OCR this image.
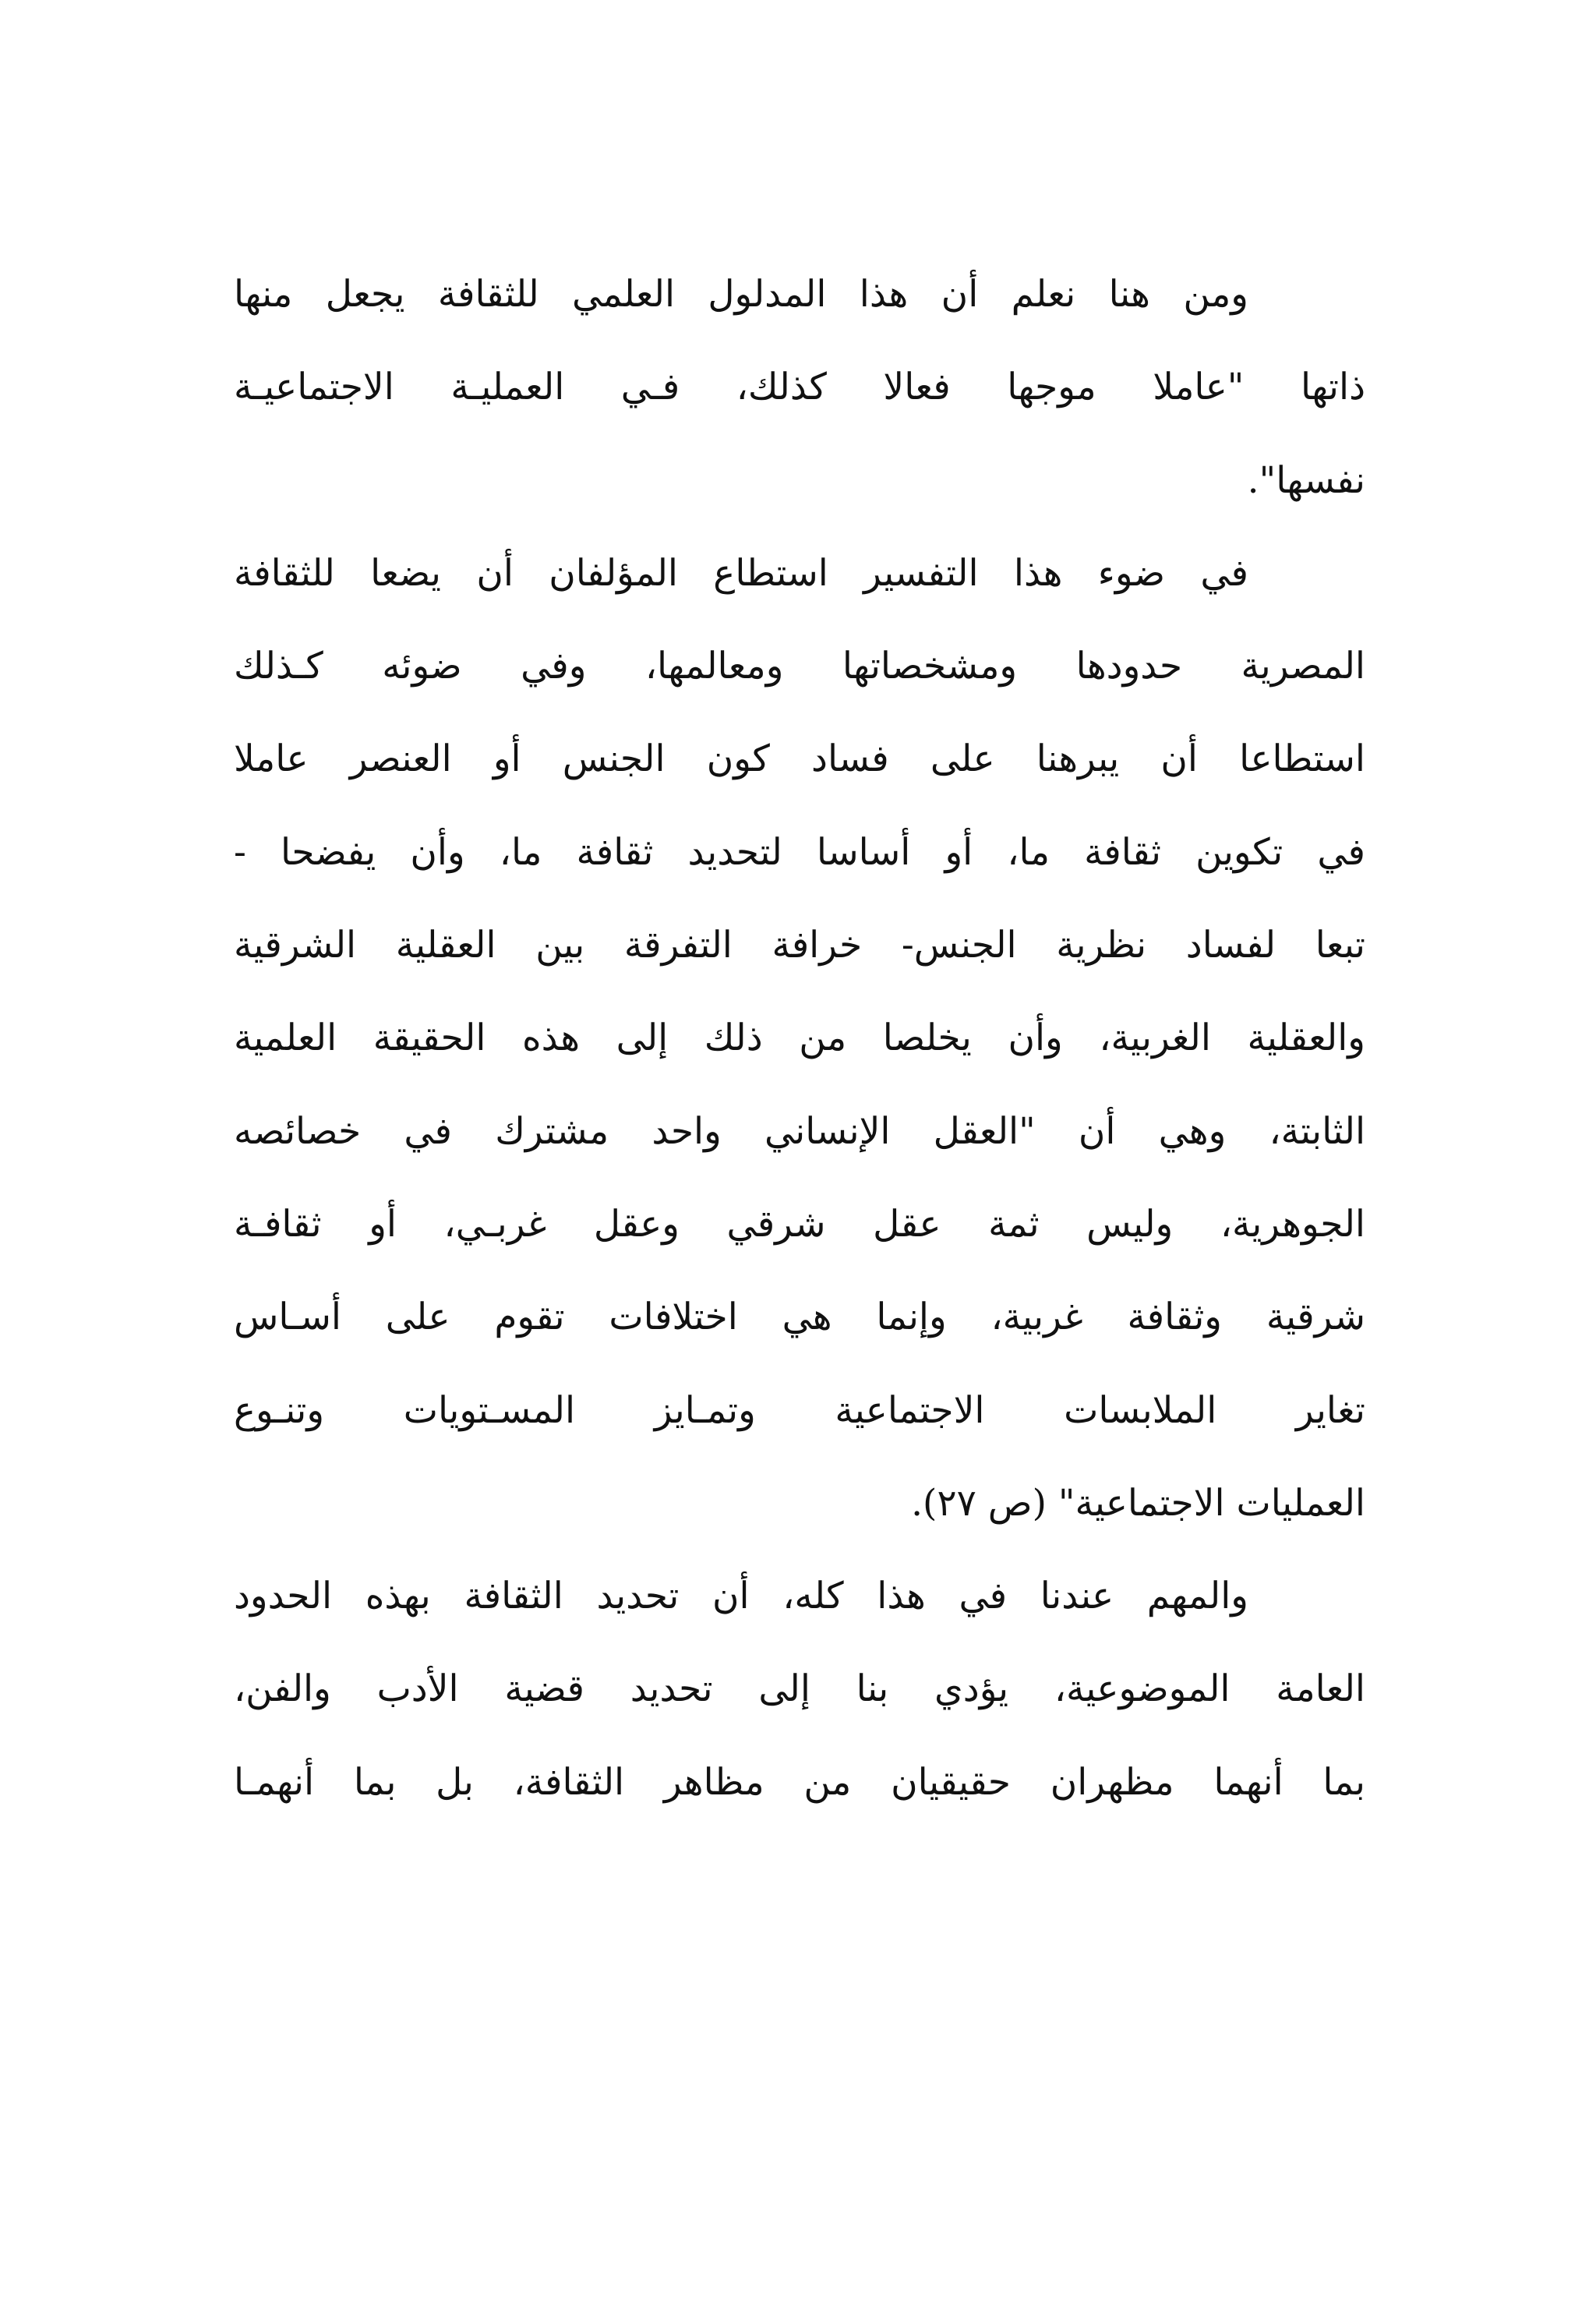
ومن هنا نعلم أن هذا المدلول العلمي للثقافة يجعل منها
ذاتها "عاملا موجها فعالا كذلك، فـي العمليـة الاجتماعيـة
نفسها".
في ضوء هذا التفسير استطاع المؤلفان أن يضعا للثقافة
المصرية حدودها ومشخصاتها ومعالمها، وفي ضوئه كـذلك
استطاعا أن يبرهنا على فساد كون الجنس أو العنصر عاملا
في تكوين ثقافة ما، أو أساسا لتحديد ثقافة ما، وأن يفضحا -
تبعا لفساد نظرية الجنس- خرافة التفرقة بين العقلية الشرقية
والعقلية الغربية، وأن يخلصا من ذلك إلى هذه الحقيقة العلمية
الثابتة، وهي أن "العقل الإنساني واحد مشترك في خصائصه
الجوهرية، وليس ثمة عقل شرقي وعقل غربـي، أو ثقافـة
شرقية وثقافة غربية، وإنما هي اختلافات تقوم على أسـاس
تغاير الملابسات الاجتماعية وتمـايز المسـتويات وتنـوع
العمليات الاجتماعية" (ص ٢٧).
والمهم عندنا في هذا كله، أن تحديد الثقافة بهذه الحدود
العامة الموضوعية، يؤدي بنا إلى تحديد قضية الأدب والفن،
بما أنهما مظهران حقيقيان من مظاهر الثقافة، بل بما أنهمـا
